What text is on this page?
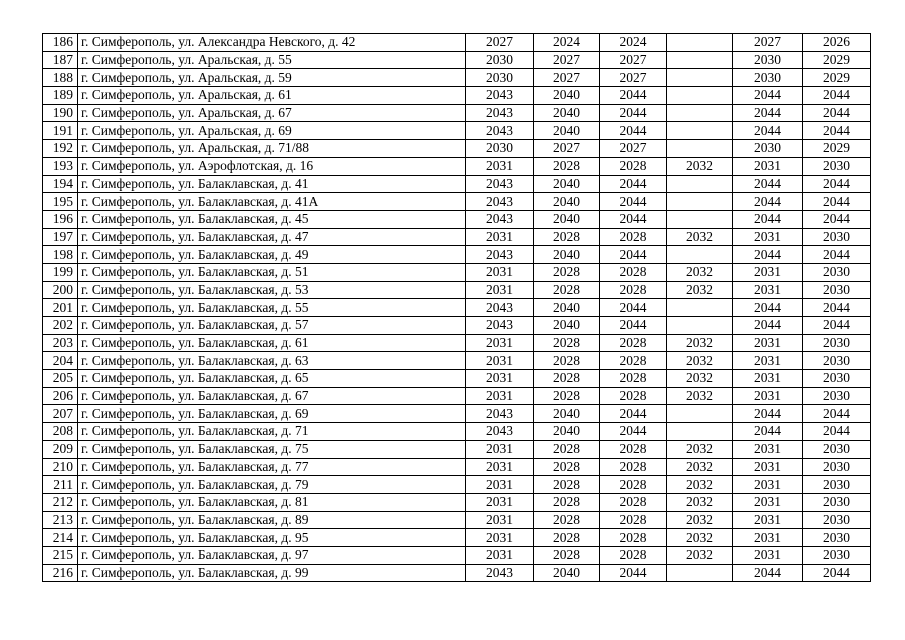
186	г. Симферополь, ул. Александра Невского, д. 42	2027	2024	2024		2027	2026
187	г. Симферополь, ул. Аральская, д. 55	2030	2027	2027		2030	2029
188	г. Симферополь, ул. Аральская, д. 59	2030	2027	2027		2030	2029
189	г. Симферополь, ул. Аральская, д. 61	2043	2040	2044		2044	2044
190	г. Симферополь, ул. Аральская, д. 67	2043	2040	2044		2044	2044
191	г. Симферополь, ул. Аральская, д. 69	2043	2040	2044		2044	2044
192	г. Симферополь, ул. Аральская, д. 71/88	2030	2027	2027		2030	2029
193	г. Симферополь, ул. Аэрофлотская, д. 16	2031	2028	2028	2032	2031	2030
194	г. Симферополь, ул. Балаклавская, д. 41	2043	2040	2044		2044	2044
195	г. Симферополь, ул. Балаклавская, д. 41А	2043	2040	2044		2044	2044
196	г. Симферополь, ул. Балаклавская, д. 45	2043	2040	2044		2044	2044
197	г. Симферополь, ул. Балаклавская, д. 47	2031	2028	2028	2032	2031	2030
198	г. Симферополь, ул. Балаклавская, д. 49	2043	2040	2044		2044	2044
199	г. Симферополь, ул. Балаклавская, д. 51	2031	2028	2028	2032	2031	2030
200	г. Симферополь, ул. Балаклавская, д. 53	2031	2028	2028	2032	2031	2030
201	г. Симферополь, ул. Балаклавская, д. 55	2043	2040	2044		2044	2044
202	г. Симферополь, ул. Балаклавская, д. 57	2043	2040	2044		2044	2044
203	г. Симферополь, ул. Балаклавская, д. 61	2031	2028	2028	2032	2031	2030
204	г. Симферополь, ул. Балаклавская, д. 63	2031	2028	2028	2032	2031	2030
205	г. Симферополь, ул. Балаклавская, д. 65	2031	2028	2028	2032	2031	2030
206	г. Симферополь, ул. Балаклавская, д. 67	2031	2028	2028	2032	2031	2030
207	г. Симферополь, ул. Балаклавская, д. 69	2043	2040	2044		2044	2044
208	г. Симферополь, ул. Балаклавская, д. 71	2043	2040	2044		2044	2044
209	г. Симферополь, ул. Балаклавская, д. 75	2031	2028	2028	2032	2031	2030
210	г. Симферополь, ул. Балаклавская, д. 77	2031	2028	2028	2032	2031	2030
211	г. Симферополь, ул. Балаклавская, д. 79	2031	2028	2028	2032	2031	2030
212	г. Симферополь, ул. Балаклавская, д. 81	2031	2028	2028	2032	2031	2030
213	г. Симферополь, ул. Балаклавская, д. 89	2031	2028	2028	2032	2031	2030
214	г. Симферополь, ул. Балаклавская, д. 95	2031	2028	2028	2032	2031	2030
215	г. Симферополь, ул. Балаклавская, д. 97	2031	2028	2028	2032	2031	2030
216	г. Симферополь, ул. Балаклавская, д. 99	2043	2040	2044		2044	2044
